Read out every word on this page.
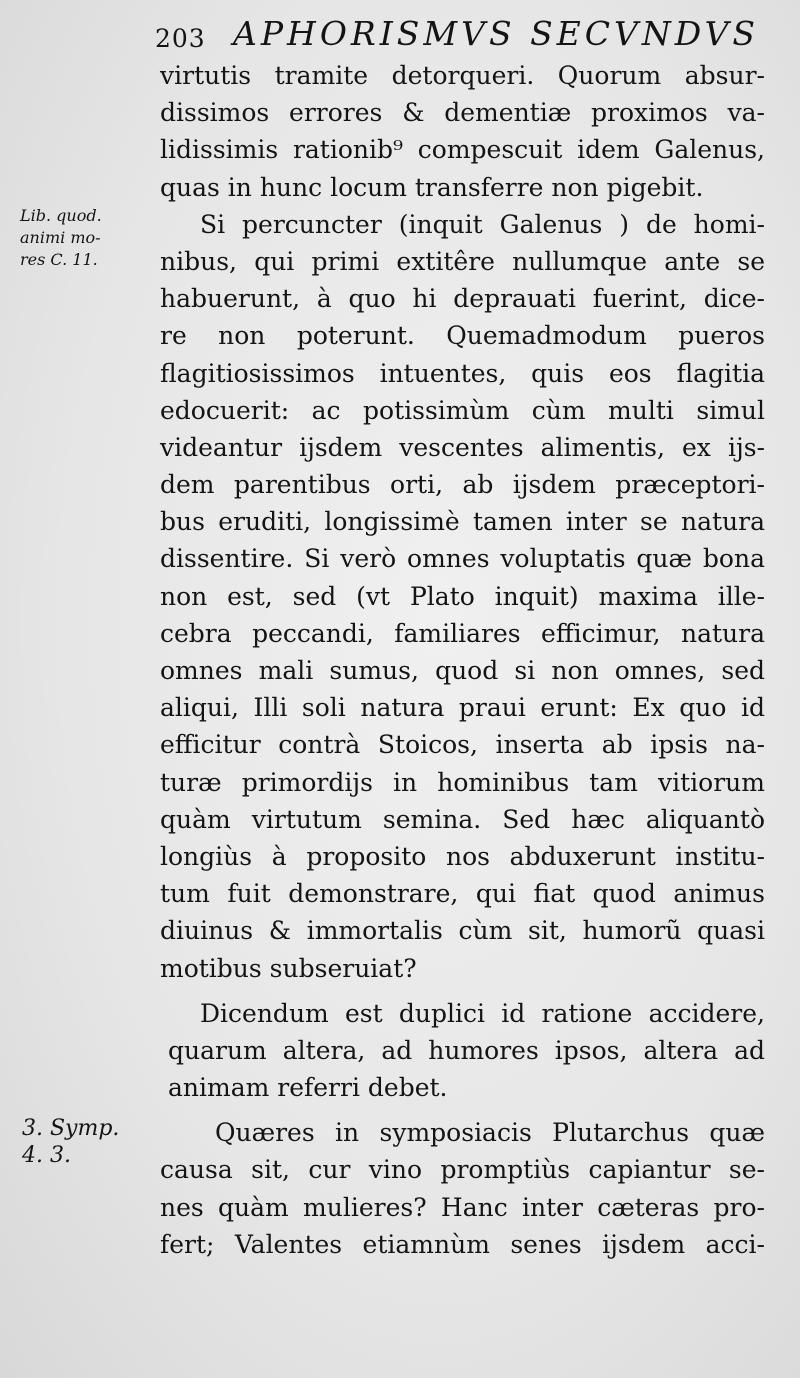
203 APHORISMVS SECVNDVS
Lib. quod.
animi mo-
res C. 11.
3. Symp.
4. 3.
virtutis tramite detorqueri. Quorum absur-
dissimos errores & dementiæ proximos va-
lidissimis rationib⁹ compescuit idem Galenus,
quas in hunc locum transferre non pigebit.
Si percuncter (inquit Galenus ) de homi-
nibus, qui primi extitêre nullumque ante se
habuerunt, à quo hi deprauati fuerint, dice-
re non poterunt. Quemadmodum pueros
flagitiosissimos intuentes, quis eos flagitia
edocuerit: ac potissimùm cùm multi simul
videantur ijsdem vescentes alimentis, ex ijs-
dem parentibus orti, ab ijsdem præceptori-
bus eruditi, longissimè tamen inter se natura
dissentire. Si verò omnes voluptatis quæ bona
non est, sed (vt Plato inquit) maxima ille-
cebra peccandi, familiares efficimur, natura
omnes mali sumus, quod si non omnes, sed
aliqui, Illi soli natura praui erunt: Ex quo id
efficitur contrà Stoicos, inserta ab ipsis na-
turæ primordijs in hominibus tam vitiorum
quàm virtutum semina. Sed hæc aliquantò
longiùs à proposito nos abduxerunt institu-
tum fuit demonstrare, qui fiat quod animus
diuinus & immortalis cùm sit, humorũ quasi
motibus subseruiat?
Dicendum est duplici id ratione accidere,
quarum altera, ad humores ipsos, altera ad
animam referri debet.
Quæres in symposiacis Plutarchus quæ
causa sit, cur vino promptiùs capiantur se-
nes quàm mulieres? Hanc inter cæteras pro-
fert; Valentes etiamnùm senes ijsdem acci-
